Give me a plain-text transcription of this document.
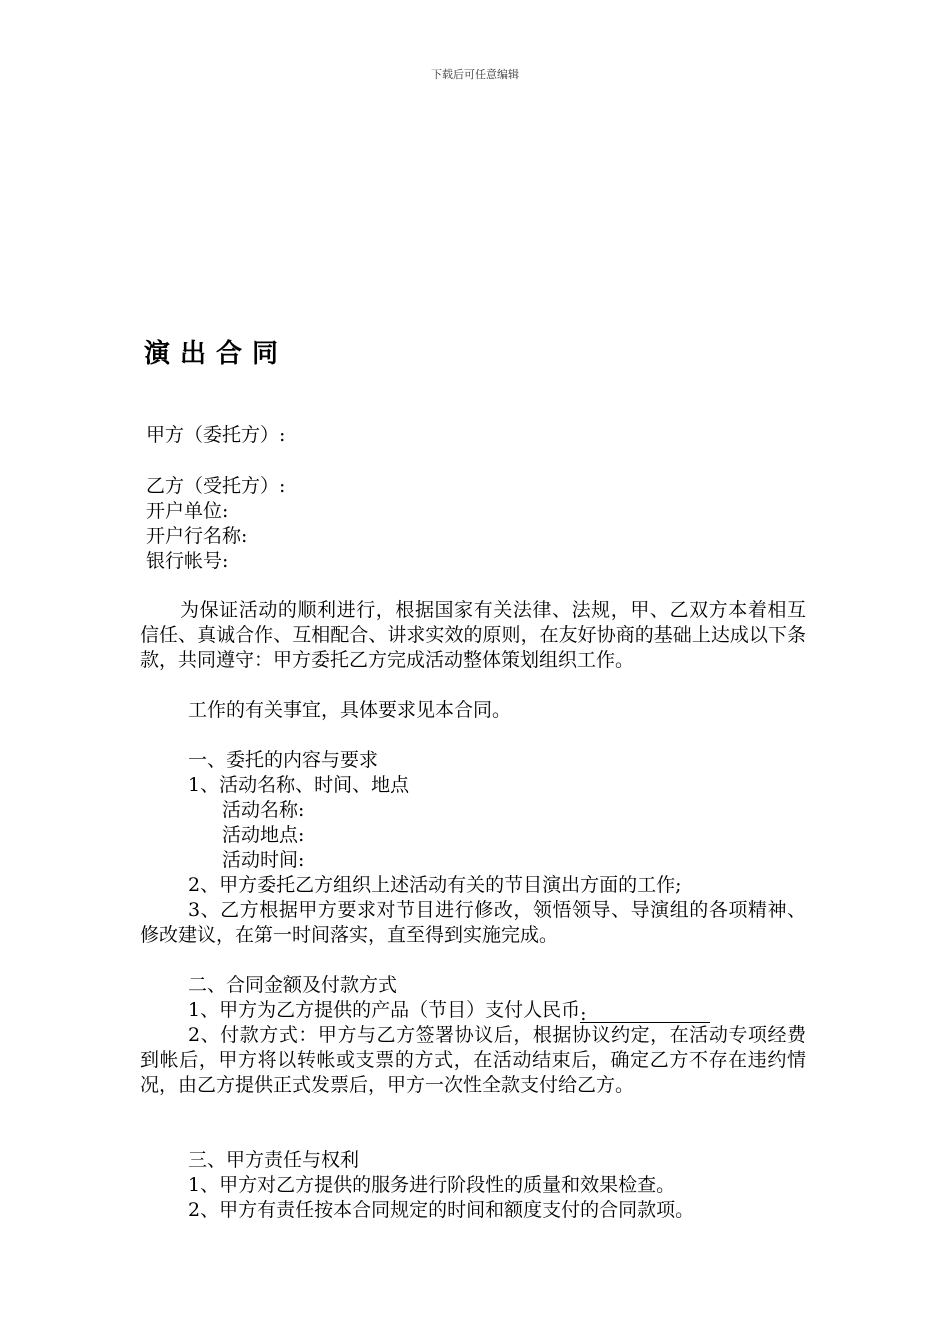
下载后可任意编辑
演出合同
甲方（委托方）:
乙方（受托方）:
开户单位:
开户行名称:
银行帐号:
为保证活动的顺利进行，根据国家有关法律、法规，甲、乙双方本着相互信任、真诚合作、互相配合、讲求实效的原则，在友好协商的基础上达成以下条款，共同遵守：甲方委托乙方完成活动整体策划组织工作。
工作的有关事宜，具体要求见本合同。
一、委托的内容与要求
1、活动名称、时间、地点
活动名称:
活动地点:
活动时间:
2、甲方委托乙方组织上述活动有关的节目演出方面的工作;
3、乙方根据甲方要求对节目进行修改，领悟领导、导演组的各项精神、修改建议，在第一时间落实，直至得到实施完成。
二、合同金额及付款方式
1、甲方为乙方提供的产品（节目）支付人民币:
2、付款方式：甲方与乙方签署协议后，根据协议约定，在活动专项经费到帐后，甲方将以转帐或支票的方式，在活动结束后，确定乙方不存在违约情况，由乙方提供正式发票后，甲方一次性全款支付给乙方。
三、甲方责任与权利
1、甲方对乙方提供的服务进行阶段性的质量和效果检查。
2、甲方有责任按本合同规定的时间和额度支付的合同款项。
